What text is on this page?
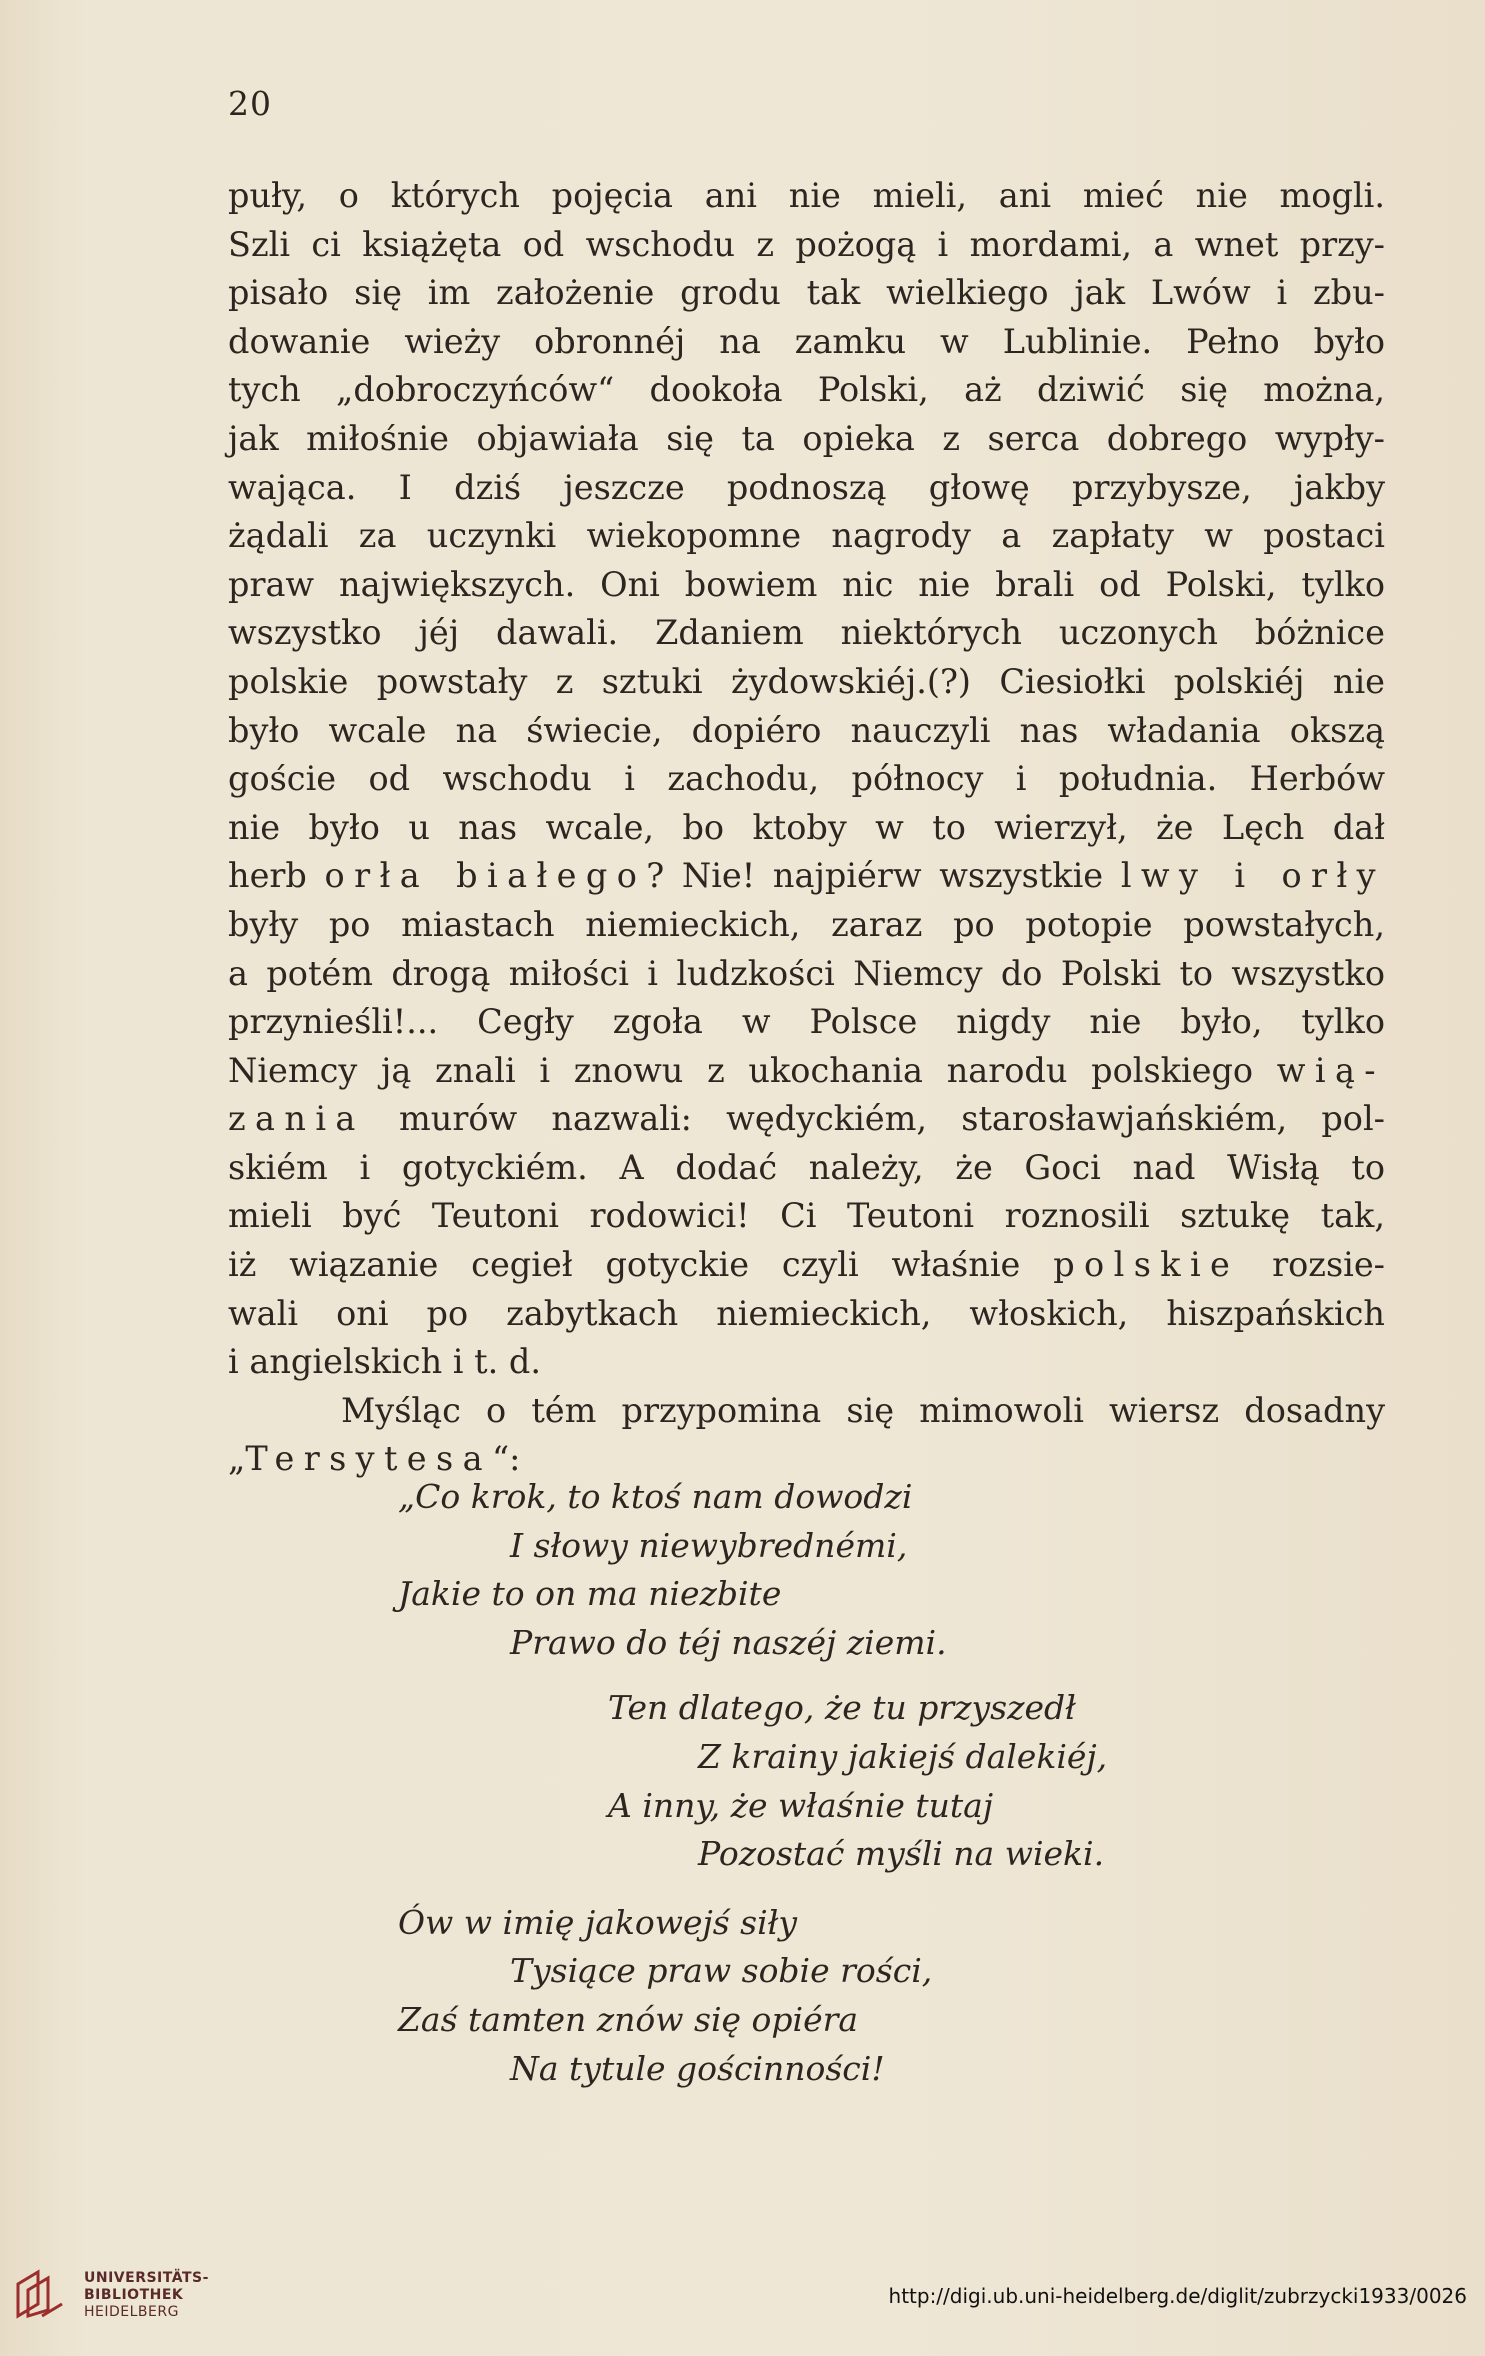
20
puły, o których pojęcia ani nie mieli, ani mieć nie mogli.
Szli ci książęta od wschodu z pożogą i mordami, a wnet przy-
pisało się im założenie grodu tak wielkiego jak Lwów i zbu-
dowanie wieży obronnéj na zamku w Lublinie. Pełno było
tych „dobroczyńców“ dookoła Polski, aż dziwić się można,
jak miłośnie objawiała się ta opieka z serca dobrego wypły-
wająca. I dziś jeszcze podnoszą głowę przybysze, jakby
żądali za uczynki wiekopomne nagrody a zapłaty w postaci
praw największych. Oni bowiem nic nie brali od Polski, tylko
wszystko jéj dawali. Zdaniem niektórych uczonych bóżnice
polskie powstały z sztuki żydowskiéj.(?) Ciesiołki polskiéj nie
było wcale na świecie, dopiéro nauczyli nas władania okszą
goście od wschodu i zachodu, północy i południa. Herbów
nie było u nas wcale, bo ktoby w to wierzył, że Lęch dał
herb orła białego? Nie! najpiérw wszystkie lwy i orły
były po miastach niemieckich, zaraz po potopie powstałych,
a potém drogą miłości i ludzkości Niemcy do Polski to wszystko
przynieśli!... Cegły zgoła w Polsce nigdy nie było, tylko
Niemcy ją znali i znowu z ukochania narodu polskiego wią-
zania murów nazwali: wędyckiém, starosławjańskiém, pol-
skiém i gotyckiém. A dodać należy, że Goci nad Wisłą to
mieli być Teutoni rodowici! Ci Teutoni roznosili sztukę tak,
iż wiązanie cegieł gotyckie czyli właśnie polskie rozsie-
wali oni po zabytkach niemieckich, włoskich, hiszpańskich
i angielskich i t. d.
Myśląc o tém przypomina się mimowoli wiersz dosadny
„Tersytesa“:
„Co krok, to ktoś nam dowodzi
I słowy niewybrednémi,
Jakie to on ma niezbite
Prawo do téj naszéj ziemi.
Ten dlatego, że tu przyszedł
Z krainy jakiejś dalekiéj,
A inny, że właśnie tutaj
Pozostać myśli na wieki.
Ów w imię jakowejś siły
Tysiące praw sobie rości,
Zaś tamten znów się opiéra
Na tytule gościnności!
UNIVERSITÄTS-
BIBLIOTHEK
HEIDELBERG
http://digi.ub.uni-heidelberg.de/diglit/zubrzycki1933/0026
